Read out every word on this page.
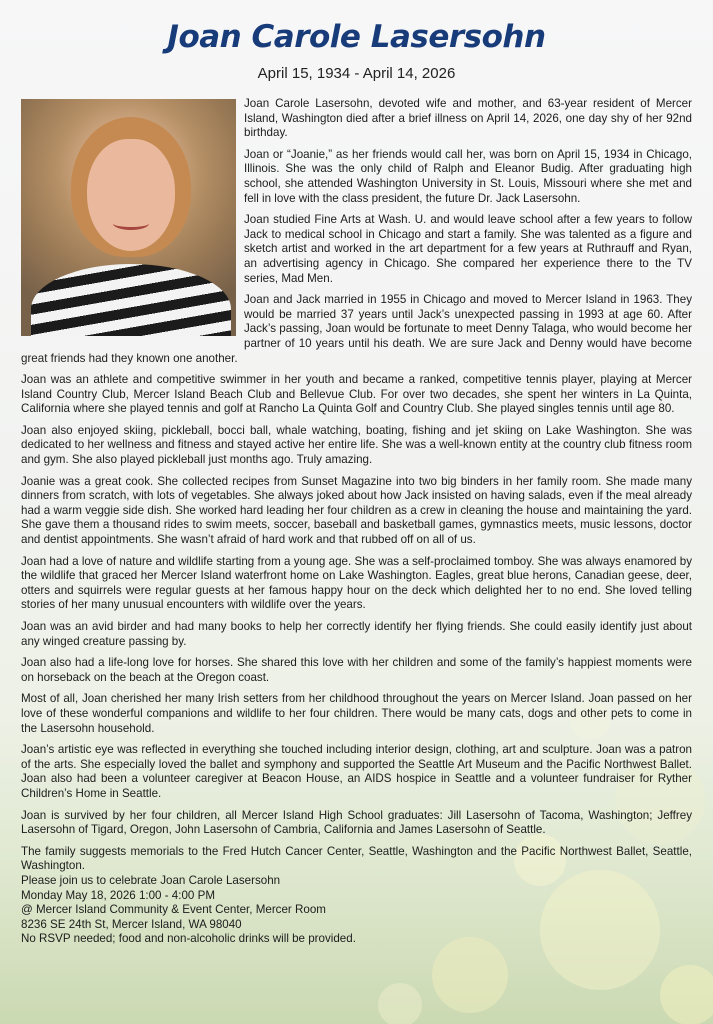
Joan Carole Lasersohn
April 15, 1934 - April 14, 2026

Joan Carole Lasersohn, devoted wife and mother, and 63-year resident of Mercer Island, Washington died after a brief illness on April 14, 2026, one day shy of her 92nd birthday.

Joan or “Joanie,” as her friends would call her, was born on April 15, 1934 in Chicago, Illinois. She was the only child of Ralph and Eleanor Budig. After graduating high school, she attended Washington University in St. Louis, Missouri where she met and fell in love with the class president, the future Dr. Jack Lasersohn.

Joan studied Fine Arts at Wash. U. and would leave school after a few years to follow Jack to medical school in Chicago and start a family. She was talented as a figure and sketch artist and worked in the art department for a few years at Ruthrauff and Ryan, an advertising agency in Chicago. She compared her experience there to the TV series, Mad Men.

Joan and Jack married in 1955 in Chicago and moved to Mercer Island in 1963. They would be married 37 years until Jack’s unexpected passing in 1993 at age 60. After Jack’s passing, Joan would be fortunate to meet Denny Talaga, who would become her partner of 10 years until his death. We are sure Jack and Denny would have become great friends had they known one another.

Joan was an athlete and competitive swimmer in her youth and became a ranked, competitive tennis player, playing at Mercer Island Country Club, Mercer Island Beach Club and Bellevue Club. For over two decades, she spent her winters in La Quinta, California where she played tennis and golf at Rancho La Quinta Golf and Country Club. She played singles tennis until age 80.

Joan also enjoyed skiing, pickleball, bocci ball, whale watching, boating, fishing and jet skiing on Lake Washington. She was dedicated to her wellness and fitness and stayed active her entire life. She was a well-known entity at the country club fitness room and gym. She also played pickleball just months ago. Truly amazing.

Joanie was a great cook. She collected recipes from Sunset Magazine into two big binders in her family room. She made many dinners from scratch, with lots of vegetables. She always joked about how Jack insisted on having salads, even if the meal already had a warm veggie side dish. She worked hard leading her four children as a crew in cleaning the house and maintaining the yard. She gave them a thousand rides to swim meets, soccer, baseball and basketball games, gymnastics meets, music lessons, doctor and dentist appointments. She wasn’t afraid of hard work and that rubbed off on all of us.

Joan had a love of nature and wildlife starting from a young age. She was a self-proclaimed tomboy. She was always enamored by the wildlife that graced her Mercer Island waterfront home on Lake Washington. Eagles, great blue herons, Canadian geese, deer, otters and squirrels were regular guests at her famous happy hour on the deck which delighted her to no end. She loved telling stories of her many unusual encounters with wildlife over the years.

Joan was an avid birder and had many books to help her correctly identify her flying friends. She could easily identify just about any winged creature passing by.

Joan also had a life-long love for horses. She shared this love with her children and some of the family’s happiest moments were on horseback on the beach at the Oregon coast.

Most of all, Joan cherished her many Irish setters from her childhood throughout the years on Mercer Island. Joan passed on her love of these wonderful companions and wildlife to her four children. There would be many cats, dogs and other pets to come in the Lasersohn household.

Joan’s artistic eye was reflected in everything she touched including interior design, clothing, art and sculpture. Joan was a patron of the arts. She especially loved the ballet and symphony and supported the Seattle Art Museum and the Pacific Northwest Ballet. Joan also had been a volunteer caregiver at Beacon House, an AIDS hospice in Seattle and a volunteer fundraiser for Ryther Children’s Home in Seattle.

Joan is survived by her four children, all Mercer Island High School graduates: Jill Lasersohn of Tacoma, Washington; Jeffrey Lasersohn of Tigard, Oregon, John Lasersohn of Cambria, California and James Lasersohn of Seattle.

The family suggests memorials to the Fred Hutch Cancer Center, Seattle, Washington and the Pacific Northwest Ballet, Seattle, Washington.
Please join us to celebrate Joan Carole Lasersohn
Monday May 18, 2026 1:00 - 4:00 PM
@ Mercer Island Community & Event Center, Mercer Room
8236 SE 24th St, Mercer Island, WA 98040
No RSVP needed; food and non-alcoholic drinks will be provided.
